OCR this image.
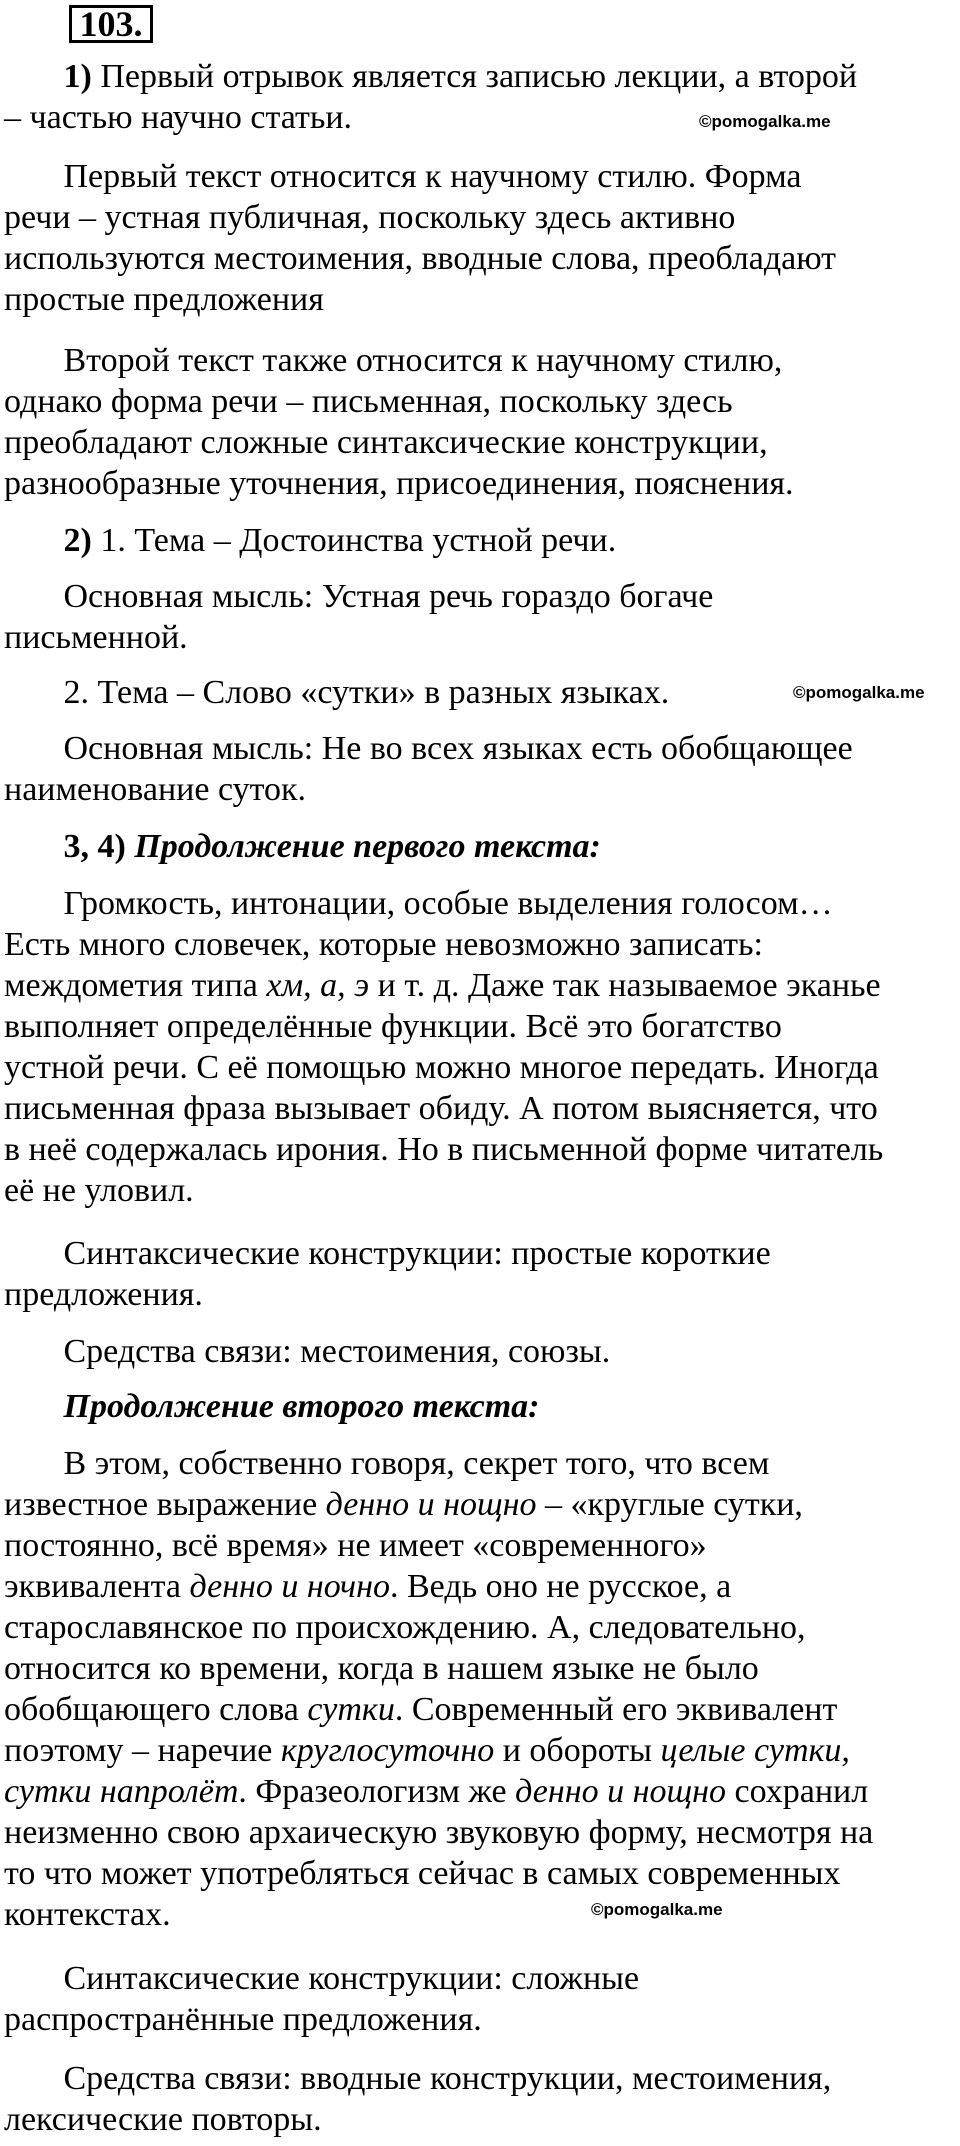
103.

1) Первый отрывок является записью лекции, а второй
– частью научно статьи.	©pomogalka.me

Первый текст относится к научному стилю. Форма
речи – устная публичная, поскольку здесь активно
используются местоимения, вводные слова, преобладают
простые предложения

Второй текст также относится к научному стилю,
однако форма речи – письменная, поскольку здесь
преобладают сложные синтаксические конструкции,
разнообразные уточнения, присоединения, пояснения.

2) 1. Тема – Достоинства устной речи.

Основная мысль: Устная речь гораздо богаче
письменной.

2. Тема – Слово «сутки» в разных языках.	©pomogalka.me

Основная мысль: Не во всех языках есть обобщающее
наименование суток.

3, 4) Продолжение первого текста:

Громкость, интонации, особые выделения голосом…
Есть много словечек, которые невозможно записать:
междометия типа хм, а, э и т. д. Даже так называемое эканье
выполняет определённые функции. Всё это богатство
устной речи. С её помощью можно многое передать. Иногда
письменная фраза вызывает обиду. А потом выясняется, что
в неё содержалась ирония. Но в письменной форме читатель
её не уловил.

Синтаксические конструкции: простые короткие
предложения.

Средства связи: местоимения, союзы.

Продолжение второго текста:

В этом, собственно говоря, секрет того, что всем
известное выражение денно и нощно – «круглые сутки,
постоянно, всё время» не имеет «современного»
эквивалента денно и ночно. Ведь оно не русское, а
старославянское по происхождению. А, следовательно,
относится ко времени, когда в нашем языке не было
обобщающего слова сутки. Современный его эквивалент
поэтому – наречие круглосуточно и обороты целые сутки,
сутки напролёт. Фразеологизм же денно и нощно сохранил
неизменно свою архаическую звуковую форму, несмотря на
то что может употребляться сейчас в самых современных
контекстах.	©pomogalka.me

Синтаксические конструкции: сложные
распространённые предложения.

Средства связи: вводные конструкции, местоимения,
лексические повторы.
